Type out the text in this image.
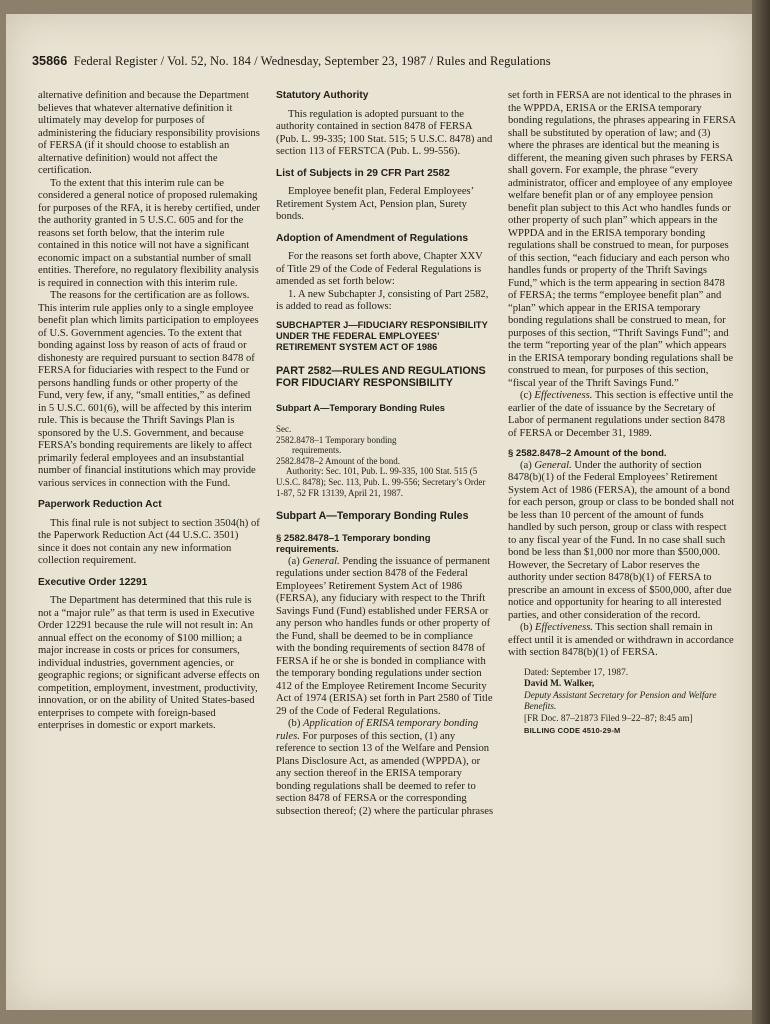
35866 Federal Register / Vol. 52, No. 184 / Wednesday, September 23, 1987 / Rules and Regulations

alternative definition and because the Department believes that whatever alternative definition it ultimately may develop for purposes of administering the fiduciary responsibility provisions of FERSA (if it should choose to establish an alternative definition) would not affect the certification.

To the extent that this interim rule can be considered a general notice of proposed rulemaking for purposes of the RFA, it is hereby certified, under the authority granted in 5 U.S.C. 605 and for the reasons set forth below, that the interim rule contained in this notice will not have a significant economic impact on a substantial number of small entities. Therefore, no regulatory flexibility analysis is required in connection with this interim rule.

The reasons for the certification are as follows. This interim rule applies only to a single employee benefit plan which limits participation to employees of U.S. Government agencies. To the extent that bonding against loss by reason of acts of fraud or dishonesty are required pursuant to section 8478 of FERSA for fiduciaries with respect to the Fund or persons handling funds or other property of the Fund, very few, if any, “small entities,” as defined in 5 U.S.C. 601(6), will be affected by this interim rule. This is because the Thrift Savings Plan is sponsored by the U.S. Government, and because FERSA’s bonding requirements are likely to affect primarily federal employees and an insubstantial number of financial institutions which may provide various services in connection with the Fund.

Paperwork Reduction Act

This final rule is not subject to section 3504(h) of the Paperwork Reduction Act (44 U.S.C. 3501) since it does not contain any new information collection requirement.

Executive Order 12291

The Department has determined that this rule is not a “major rule” as that term is used in Executive Order 12291 because the rule will not result in: An annual effect on the economy of $100 million; a major increase in costs or prices for consumers, individual industries, government agencies, or geographic regions; or significant adverse effects on competition, employment, investment, productivity, innovation, or on the ability of United States-based enterprises to compete with foreign-based enterprises in domestic or export markets.

Statutory Authority

This regulation is adopted pursuant to the authority contained in section 8478 of FERSA (Pub. L. 99-335; 100 Stat. 515; 5 U.S.C. 8478) and section 113 of FERSTCA (Pub. L. 99-556).

List of Subjects in 29 CFR Part 2582

Employee benefit plan, Federal Employees’ Retirement System Act, Pension plan, Surety bonds.

Adoption of Amendment of Regulations

For the reasons set forth above, Chapter XXV of Title 29 of the Code of Federal Regulations is amended as set forth below:

1. A new Subchapter J, consisting of Part 2582, is added to read as follows:

SUBCHAPTER J—FIDUCIARY RESPONSIBILITY UNDER THE FEDERAL EMPLOYEES’ RETIREMENT SYSTEM ACT OF 1986
PART 2582—RULES AND REGULATIONS FOR FIDUCIARY RESPONSIBILITY
Subpart A—Temporary Bonding Rules
Sec.
2582.8478–1 Temporary bonding
requirements.
2582.8478–2 Amount of the bond.

Authority: Sec. 101, Pub. L. 99-335, 100 Stat. 515 (5 U.S.C. 8478); Sec. 113, Pub. L. 99-556; Secretary’s Order 1-87, 52 FR 13139, April 21, 1987.

Subpart A—Temporary Bonding Rules
§ 2582.8478–1 Temporary bonding requirements.

(a) General. Pending the issuance of permanent regulations under section 8478 of the Federal Employees’ Retirement System Act of 1986 (FERSA), any fiduciary with respect to the Thrift Savings Fund (Fund) established under FERSA or any person who handles funds or other property of the Fund, shall be deemed to be in compliance with the bonding requirements of section 8478 of FERSA if he or she is bonded in compliance with the temporary bonding regulations under section 412 of the Employee Retirement Income Security Act of 1974 (ERISA) set forth in Part 2580 of Title 29 of the Code of Federal Regulations.

(b) Application of ERISA temporary bonding rules. For purposes of this section, (1) any reference to section 13 of the Welfare and Pension Plans Disclosure Act, as amended (WPPDA), or any section thereof in the ERISA temporary bonding regulations shall be deemed to refer to section 8478 of FERSA or the corresponding subsection thereof; (2) where the particular phrases

set forth in FERSA are not identical to the phrases in the WPPDA, ERISA or the ERISA temporary bonding regulations, the phrases appearing in FERSA shall be substituted by operation of law; and (3) where the phrases are identical but the meaning is different, the meaning given such phrases by FERSA shall govern. For example, the phrase “every administrator, officer and employee of any employee welfare benefit plan or of any employee pension benefit plan subject to this Act who handles funds or other property of such plan” which appears in the WPPDA and in the ERISA temporary bonding regulations shall be construed to mean, for purposes of this section, “each fiduciary and each person who handles funds or property of the Thrift Savings Fund,” which is the term appearing in section 8478 of FERSA; the terms “employee benefit plan” and “plan” which appear in the ERISA temporary bonding regulations shall be construed to mean, for purposes of this section, “Thrift Savings Fund”; and the term “reporting year of the plan” which appears in the ERISA temporary bonding regulations shall be construed to mean, for purposes of this section, “fiscal year of the Thrift Savings Fund.”

(c) Effectiveness. This section is effective until the earlier of the date of issuance by the Secretary of Labor of permanent regulations under section 8478 of FERSA or December 31, 1989.

§ 2582.8478–2 Amount of the bond.

(a) General. Under the authority of section 8478(b)(1) of the Federal Employees’ Retirement System Act of 1986 (FERSA), the amount of a bond for each person, group or class to be bonded shall not be less than 10 percent of the amount of funds handled by such person, group or class with respect to any fiscal year of the Fund. In no case shall such bond be less than $1,000 nor more than $500,000. However, the Secretary of Labor reserves the authority under section 8478(b)(1) of FERSA to prescribe an amount in excess of $500,000, after due notice and opportunity for hearing to all interested parties, and other consideration of the record.

(b) Effectiveness. This section shall remain in effect until it is amended or withdrawn in accordance with section 8478(b)(1) of FERSA.

Dated: September 17, 1987.
David M. Walker,
Deputy Assistant Secretary for Pension and Welfare Benefits.
[FR Doc. 87–21873 Filed 9–22–87; 8:45 am]
BILLING CODE 4510-29-M
